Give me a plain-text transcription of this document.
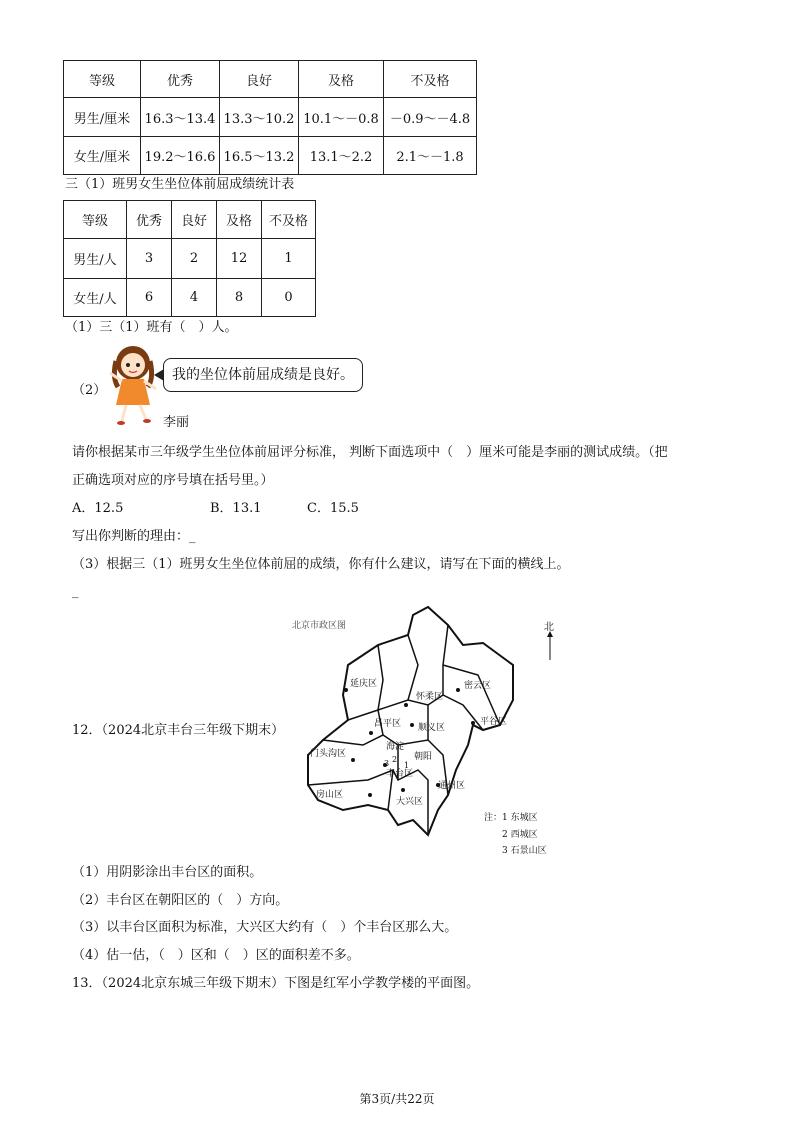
等级	优秀	良好	及格	不及格
男生/厘米	16.3～13.4	13.3～10.2	10.1～－0.8	－0.9～－4.8
女生/厘米	19.2～16.6	16.5～13.2	13.1～2.2	2.1～－1.8
三（1）班男女生坐位体前屈成绩统计表
等级	优秀	良好	及格	不及格
男生/人	3	2	12	1
女生/人	6	4	8	0
（1）三（1）班有（　）人。
（2）
我的坐位体前屈成绩是良好。
李丽
请你根据某市三年级学生坐位体前屈评分标准， 判断下面选项中（　）厘米可能是李丽的测试成绩。（把
正确选项对应的序号填在括号里。）
A．12.5	B．13.1	C．15.5
写出你判断的理由：_
（3）根据三（1）班男女生坐位体前屈的成绩，你有什么建议，请写在下面的横线上。
_
12．（2024北京丰台三年级下期末）
北京市政区图	北
延庆区
怀柔区
密云区
平谷区
昌平区 顺义区
门头沟区
海淀
朝阳
丰台区
房山区
大兴区
通州区
1
2
3
注：1 东城区
2 西城区
3 石景山区
（1）用阴影涂出丰台区的面积。
（2）丰台区在朝阳区的（　）方向。
（3）以丰台区面积为标准，大兴区大约有（　）个丰台区那么大。
（4）估一估，（　）区和（　）区的面积差不多。
13．（2024北京东城三年级下期末）下图是红军小学教学楼的平面图。
第3页/共22页
